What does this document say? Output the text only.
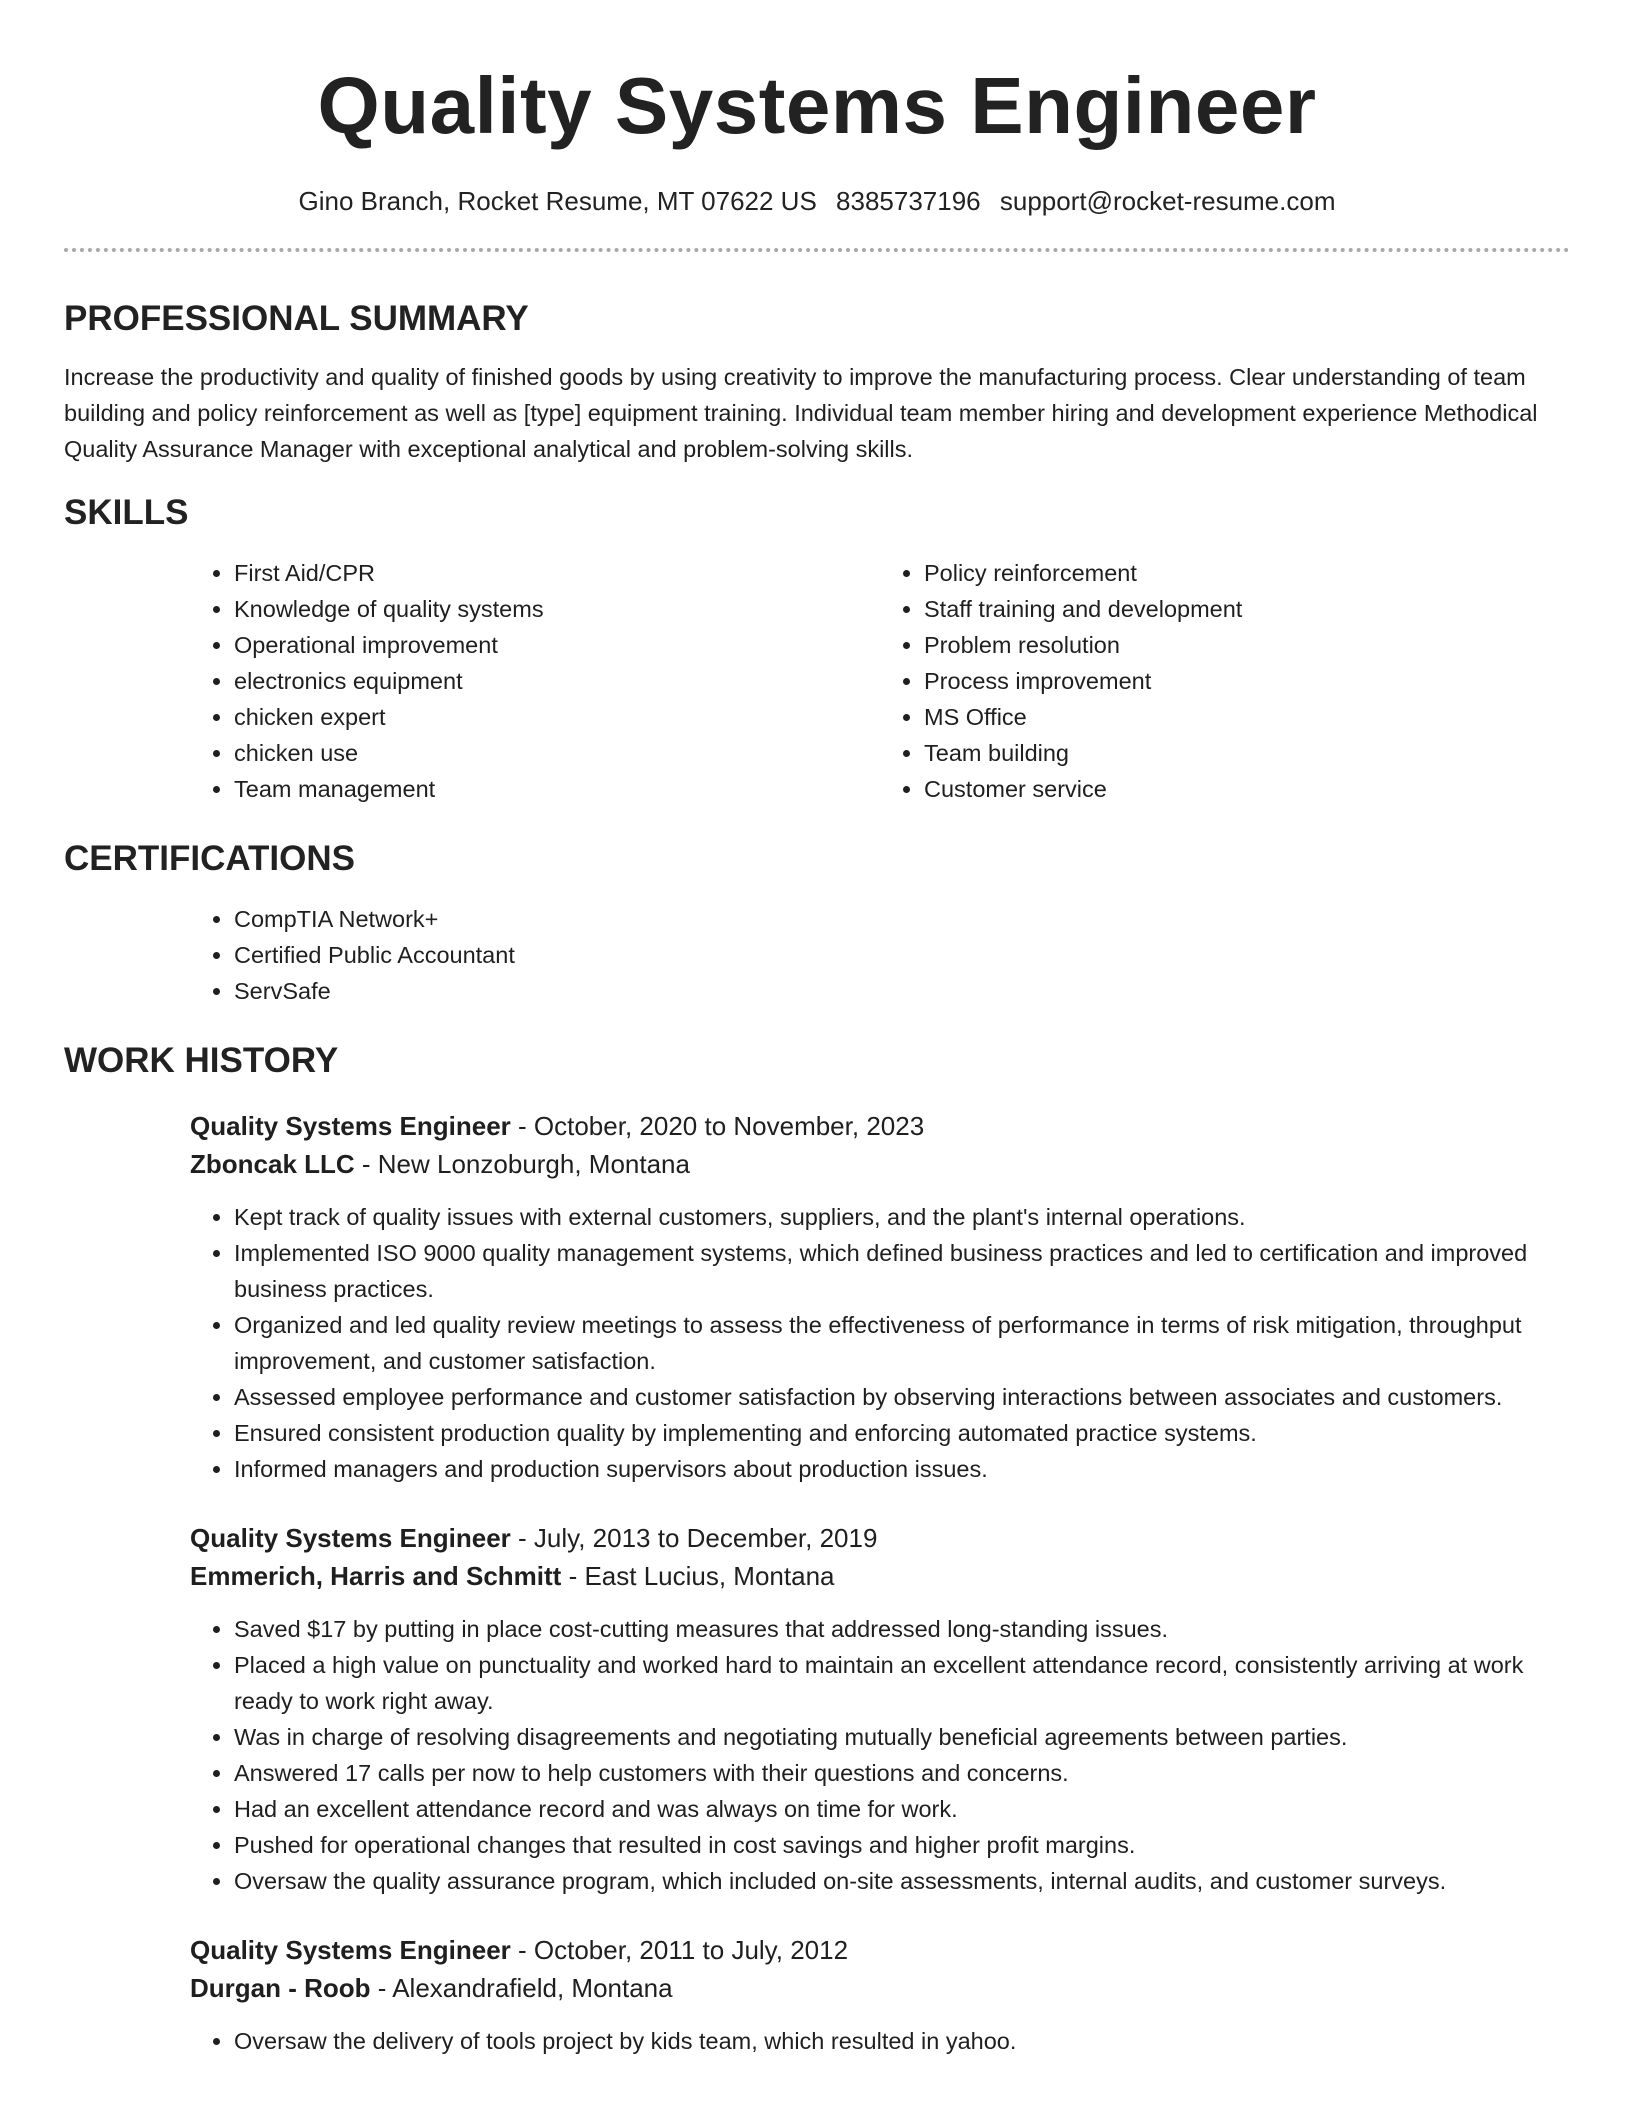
Quality Systems Engineer
Gino Branch, Rocket Resume, MT 07622 US 8385737196 support@rocket-resume.com
PROFESSIONAL SUMMARY

Increase the productivity and quality of finished goods by using creativity to improve the manufacturing process. Clear understanding of team building and policy reinforcement as well as [type] equipment training. Individual team member hiring and development experience Methodical Quality Assurance Manager with exceptional analytical and problem-solving skills.

SKILLS
• First Aid/CPR
• Knowledge of quality systems
• Operational improvement
• electronics equipment
• chicken expert
• chicken use
• Team management
• Policy reinforcement
• Staff training and development
• Problem resolution
• Process improvement
• MS Office
• Team building
• Customer service
CERTIFICATIONS
• CompTIA Network+
• Certified Public Accountant
• ServSafe
WORK HISTORY
Quality Systems Engineer - October, 2020 to November, 2023
Zboncak LLC - New Lonzoburgh, Montana
• Kept track of quality issues with external customers, suppliers, and the plant's internal operations.
• Implemented ISO 9000 quality management systems, which defined business practices and led to certification and improved business practices.
• Organized and led quality review meetings to assess the effectiveness of performance in terms of risk mitigation, throughput improvement, and customer satisfaction.
• Assessed employee performance and customer satisfaction by observing interactions between associates and customers.
• Ensured consistent production quality by implementing and enforcing automated practice systems.
• Informed managers and production supervisors about production issues.
Quality Systems Engineer - July, 2013 to December, 2019
Emmerich, Harris and Schmitt - East Lucius, Montana
• Saved $17 by putting in place cost-cutting measures that addressed long-standing issues.
• Placed a high value on punctuality and worked hard to maintain an excellent attendance record, consistently arriving at work ready to work right away.
• Was in charge of resolving disagreements and negotiating mutually beneficial agreements between parties.
• Answered 17 calls per now to help customers with their questions and concerns.
• Had an excellent attendance record and was always on time for work.
• Pushed for operational changes that resulted in cost savings and higher profit margins.
• Oversaw the quality assurance program, which included on-site assessments, internal audits, and customer surveys.
Quality Systems Engineer - October, 2011 to July, 2012
Durgan - Roob - Alexandrafield, Montana
• Oversaw the delivery of tools project by kids team, which resulted in yahoo.
